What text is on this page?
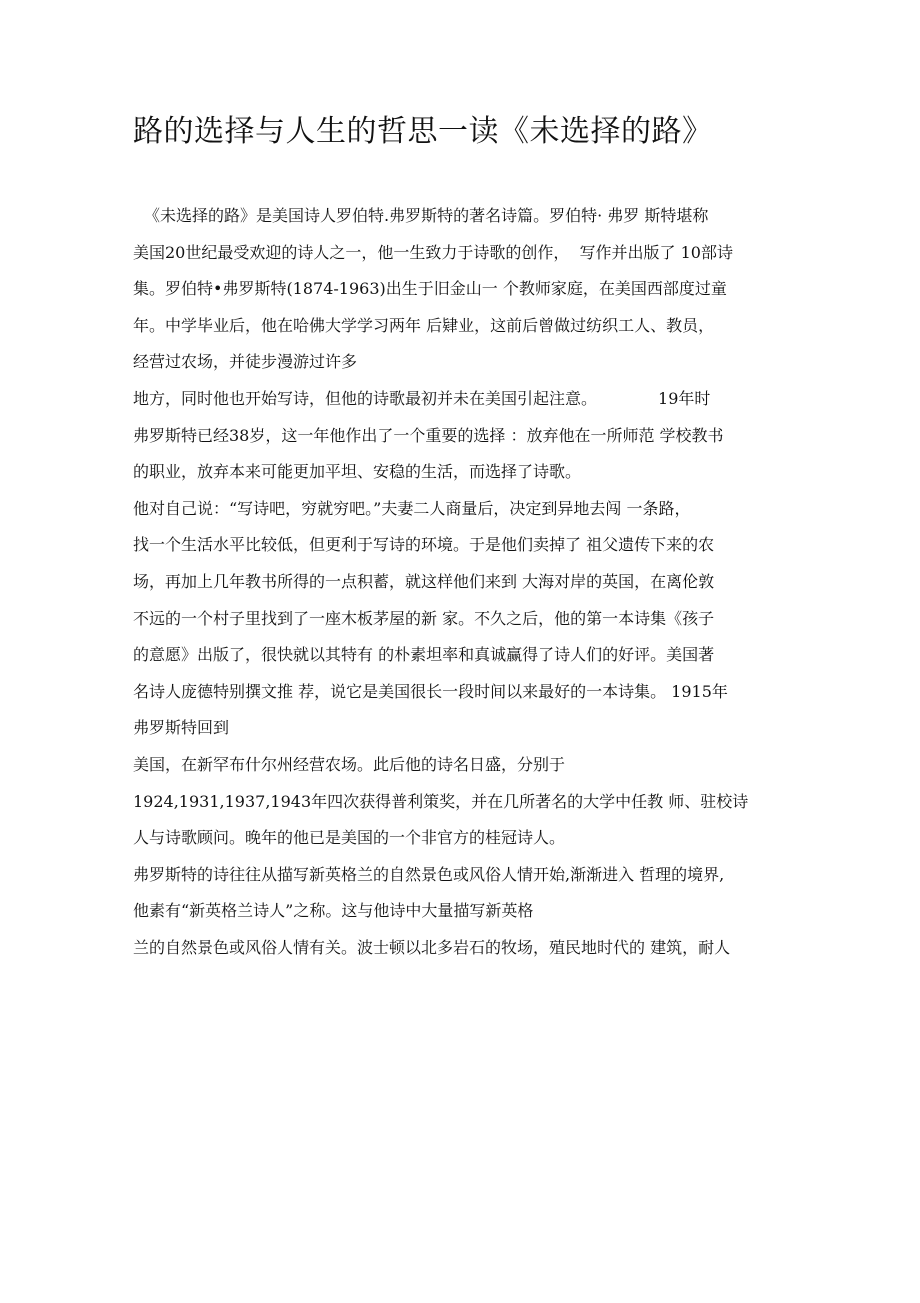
路的选择与人生的哲思一读《未选择的路》
《未选择的路》是美国诗人罗伯特.弗罗斯特的著名诗篇。罗伯特· 弗罗 斯特堪称
美国20世纪最受欢迎的诗人之一，他一生致力于诗歌的创作，  写作并出版了 10部诗
集。罗伯特•弗罗斯特(1874-1963)出生于旧金山一 个教师家庭，在美国西部度过童
年。中学毕业后，他在哈佛大学学习两年 后肄业，这前后曾做过纺织工人、教员，
经营过农场，并徒步漫游过许多
地方，同时他也开始写诗，但他的诗歌最初并未在美国引起注意。            19年时
弗罗斯特已经38岁，这一年他作出了一个重要的选择 ：放弃他在一所师范 学校教书
的职业，放弃本来可能更加平坦、安稳的生活，而选择了诗歌。
他对自己说：“写诗吧，穷就穷吧。”夫妻二人商量后，决定到异地去闯 一条路，
找一个生活水平比较低，但更利于写诗的环境。于是他们卖掉了 祖父遗传下来的农
场，再加上几年教书所得的一点积蓄，就这样他们来到 大海对岸的英国，在离伦敦
不远的一个村子里找到了一座木板茅屋的新 家。不久之后，他的第一本诗集《孩子
的意愿》出版了，很快就以其特有 的朴素坦率和真诚赢得了诗人们的好评。美国著
名诗人庞德特别撰文推 荐，说它是美国很长一段时间以来最好的一本诗集。 1915年
弗罗斯特回到
美国，在新罕布什尔州经营农场。此后他的诗名日盛，分别于
1924,1931,1937,1943年四次获得普利策奖，并在几所著名的大学中任教 师、驻校诗
人与诗歌顾问。晚年的他已是美国的一个非官方的桂冠诗人。
弗罗斯特的诗往往从描写新英格兰的自然景色或风俗人情开始,渐渐进入 哲理的境界,
他素有“新英格兰诗人”之称。这与他诗中大量描写新英格
兰的自然景色或风俗人情有关。波士顿以北多岩石的牧场，殖民地时代的 建筑，耐人
